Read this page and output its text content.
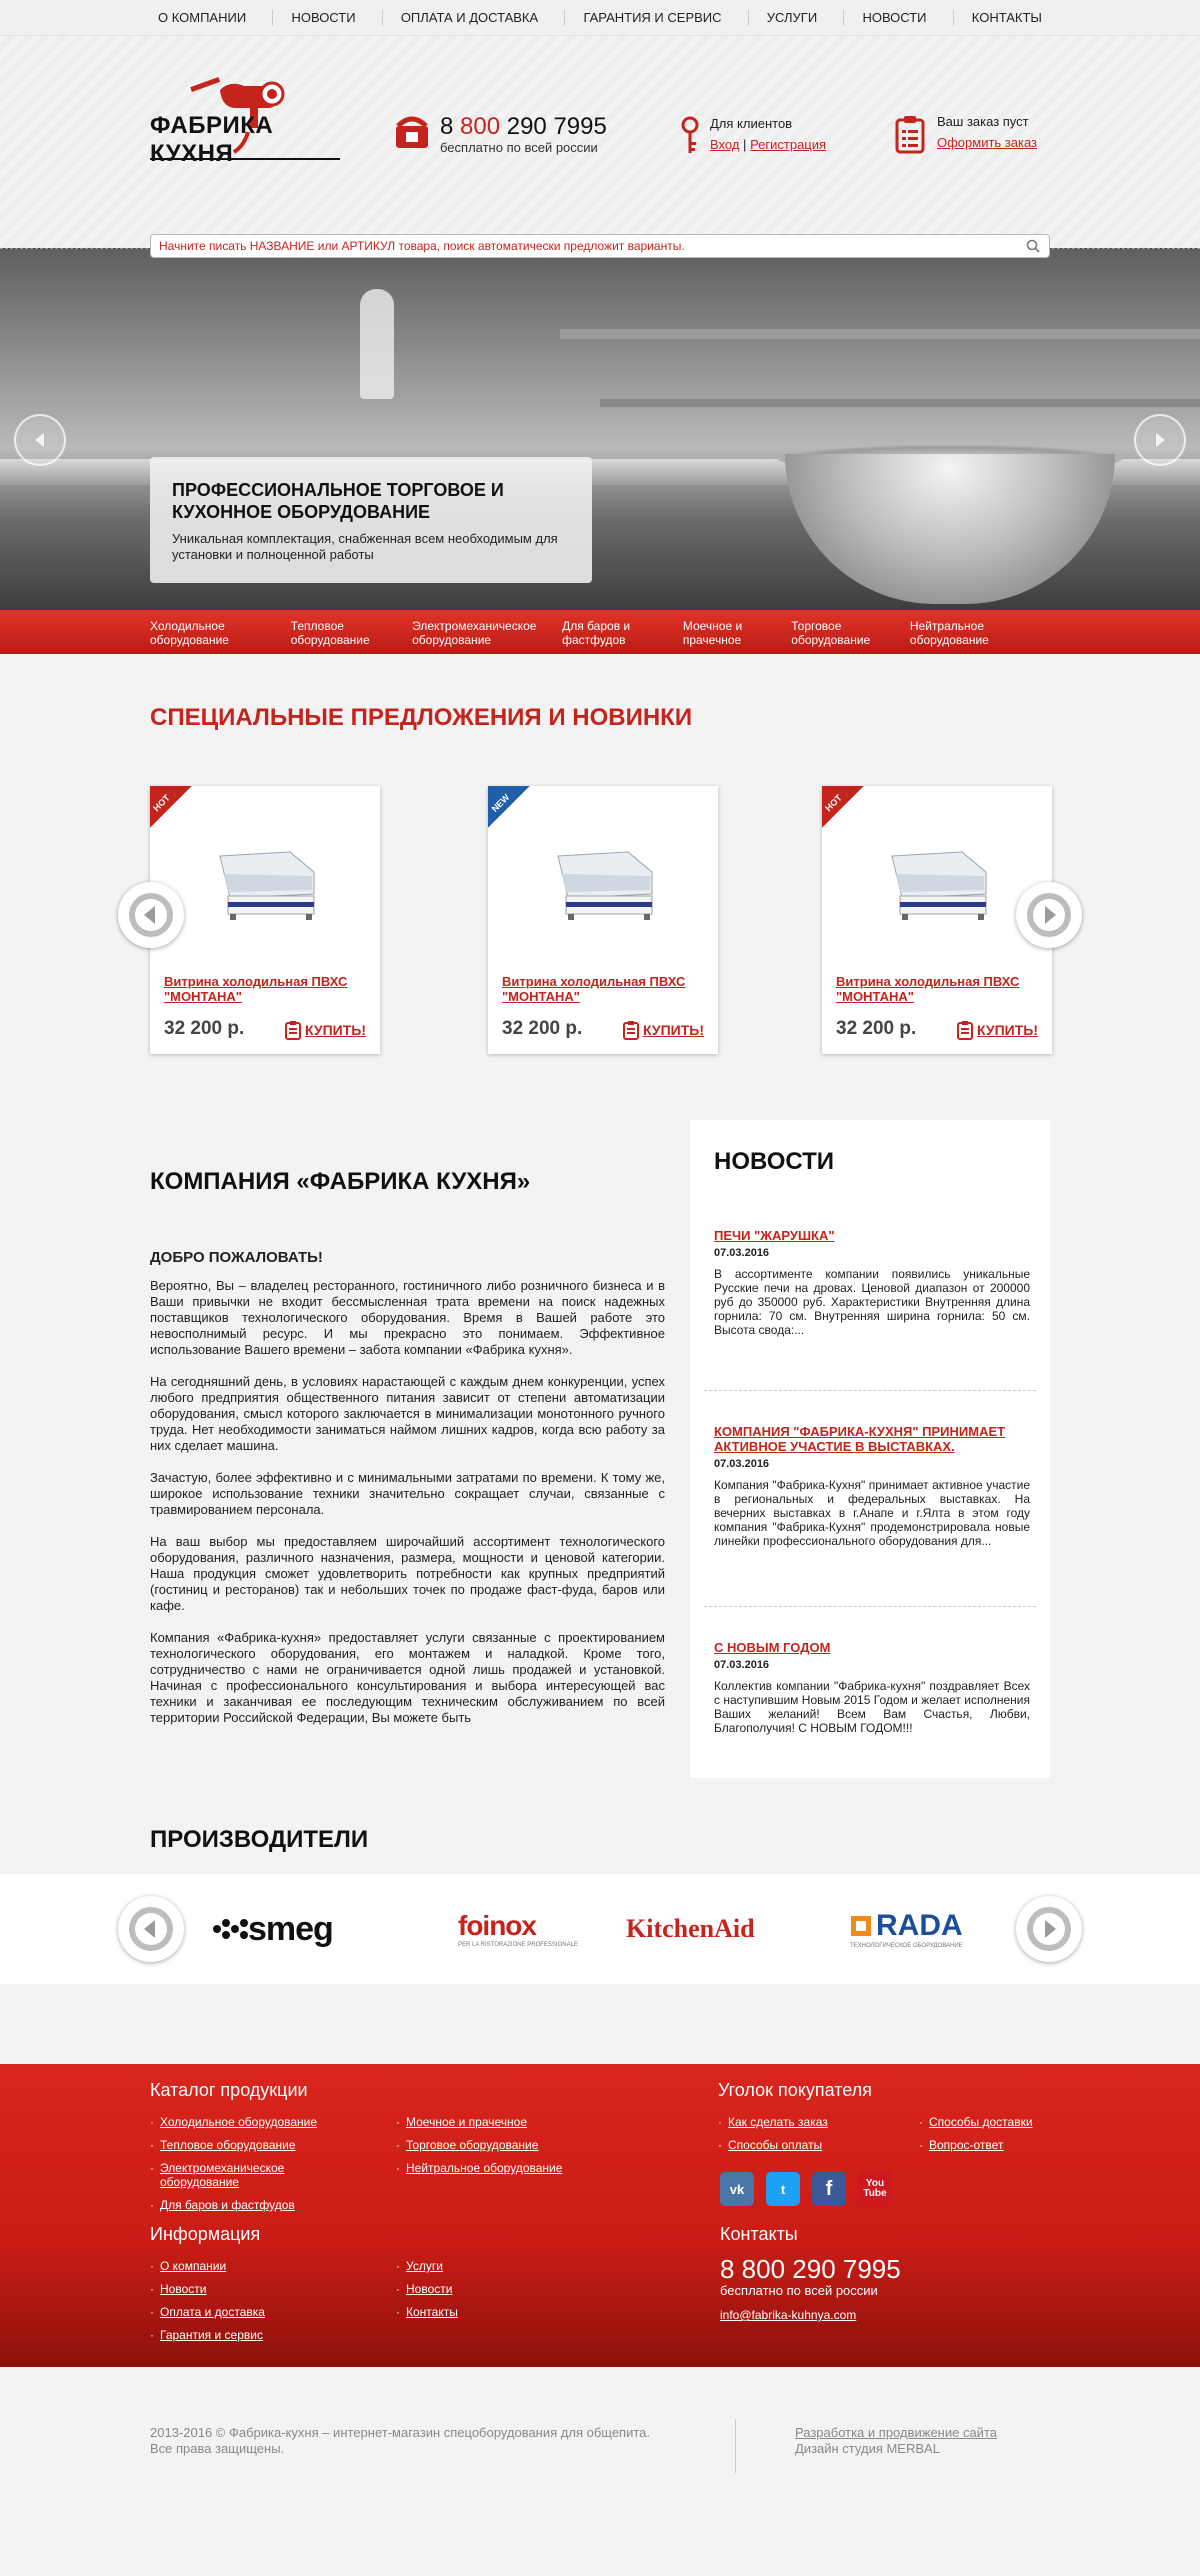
О КОМПАНИИ	НОВОСТИ	ОПЛАТА И ДОСТАВКА	ГАРАНТИЯ И СЕРВИС	УСЛУГИ	НОВОСТИ	КОНТАКТЫ
ФАБРИКА КУХНЯ
8 800 290 7995
бесплатно по всей россии
Для клиентов
Вход | Регистрация
Ваш заказ пуст
Оформить заказ
Начните писать НАЗВАНИЕ или АРТИКУЛ товара, поиск автоматически предложит варианты.
ПРОФЕССИОНАЛЬНОЕ ТОРГОВОЕ И КУХОННОЕ ОБОРУДОВАНИЕ

Уникальная комплектация, снабженная всем необходимым для установки и полноценной работы

Холодильное оборудование
Тепловое оборудование
Электромеханическое оборудование
Для баров и фастфудов
Моечное и прачечное
Торговое оборудование
Нейтральное оборудование
СПЕЦИАЛЬНЫЕ ПРЕДЛОЖЕНИЯ И НОВИНКИ
HOT
Витрина холодильная ПВХС "МОНТАНА"
32 200 р.	КУПИТЬ!
NEW
Витрина холодильная ПВХС "МОНТАНА"
32 200 р.	КУПИТЬ!
HOT
Витрина холодильная ПВХС "МОНТАНА"
32 200 р.	КУПИТЬ!
КОМПАНИЯ «ФАБРИКА КУХНЯ»
ДОБРО ПОЖАЛОВАТЬ!

Вероятно, Вы – владелец ресторанного, гостиничного либо розничного бизнеса и в Ваши привычки не входит бессмысленная трата времени на поиск надежных поставщиков технологического оборудования. Время в Вашей работе это невосполнимый ресурс. И мы прекрасно это понимаем. Эффективное использование Вашего времени – забота компании «Фабрика кухня».

На сегодняшний день, в условиях нарастающей с каждым днем конкуренции, успех любого предприятия общественного питания зависит от степени автоматизации оборудования, смысл которого заключается в минимализации монотонного ручного труда. Нет необходимости заниматься наймом лишних кадров, когда всю работу за них сделает машина.

Зачастую, более эффективно и с минимальными затратами по времени. К тому же, широкое использование техники значительно сокращает случаи, связанные с травмированием персонала.

На ваш выбор мы предоставляем широчайший ассортимент технологического оборудования, различного назначения, размера, мощности и ценовой категории. Наша продукция сможет удовлетворить потребности как крупных предприятий (гостиниц и ресторанов) так и небольших точек по продаже фаст-фуда, баров или кафе.

Компания «Фабрика-кухня» предоставляет услуги связанные с проектированием технологического оборудования, его монтажем и наладкой. Кроме того, сотрудничество с нами не ограничивается одной лишь продажей и установкой. Начиная с профессионального консультирования и выбора интересующей вас техники и заканчивая ее последующим техническим обслуживанием по всей территории Российской Федерации, Вы можете быть

НОВОСТИ
ПЕЧИ "ЖАРУШКА"
07.03.2016
В ассортименте компании появились уникальные Русские печи на дровах. Ценовой диапазон от 200000 руб до 350000 руб. Характеристики Внутренняя длина горнила: 70 см. Внутренняя ширина горнила: 50 см. Высота свода:...
КОМПАНИЯ "ФАБРИКА-КУХНЯ" ПРИНИМАЕТ АКТИВНОЕ УЧАСТИЕ В ВЫСТАВКАХ.
07.03.2016
Компания "Фабрика-Кухня" принимает активное участие в региональных и федеральных выставках. На вечерних выставках в г.Анапе и г.Ялта в этом году компания "Фабрика-Кухня" продемонстрировала новые линейки профессионального оборудования для...
С НОВЫМ ГОДОМ
07.03.2016
Коллектив компании "Фабрика-кухня" поздравляет Всех с наступившим Новым 2015 Годом и желает исполнения Ваших желаний! Всем Вам Счастья, Любви, Благополучия! С НОВЫМ ГОДОМ!!!
ПРОИЗВОДИТЕЛИ
smeg	foinox
PER LA RISTORAZIONE PROFESSIONALE
KitchenAid	RADA
ТЕХНОЛОГИЧЕСКОЕ ОБОРУДОВАНИЕ
Каталог продукции
· Холодильное оборудование
· Тепловое оборудование
· Электромеханическое оборудование
· Для баров и фастфудов
· Моечное и прачечное
· Торговое оборудование
· Нейтральное оборудование
Уголок покупателя
· Как сделать заказ
· Способы оплаты
· Способы доставки
· Вопрос-ответ
vk	t f	You Tube
Информация
· О компании
· Новости
· Оплата и доставка
· Гарантия и сервис
· Услуги
· Новости
· Контакты
Контакты
8 800 290 7995
бесплатно по всей россии
info@fabrika-kuhnya.com
2013-2016 © Фабрика-кухня – интернет-магазин спецоборудования для общепита.
Все права защищены.
Разработка и продвижение сайта
Дизайн студия MERBAL
